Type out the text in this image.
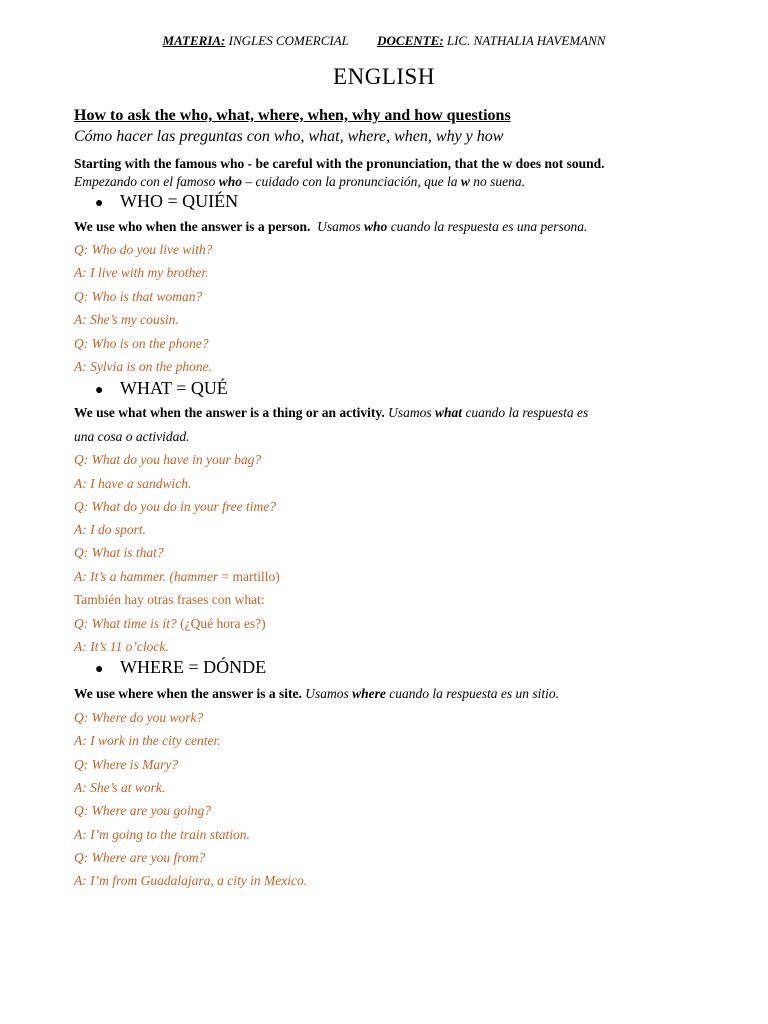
MATERIA: INGLES COMERCIAL DOCENTE: LIC. NATHALIA HAVEMANN
ENGLISH
How to ask the who, what, where, when, why and how questions
Cómo hacer las preguntas con who, what, where, when, why y how
Starting with the famous who - be careful with the pronunciation, that the w does not sound.
Empezando con el famoso who – cuidado con la pronunciación, que la w no suena.
● WHO = QUIÉN
We use who when the answer is a person. Usamos who cuando la respuesta es una persona.
Q: Who do you live with?
A: I live with my brother.
Q: Who is that woman?
A: She’s my cousin.
Q: Who is on the phone?
A: Sylvia is on the phone.
● WHAT = QUÉ
We use what when the answer is a thing or an activity. Usamos what cuando la respuesta es
una cosa o actividad.
Q: What do you have in your bag?
A: I have a sandwich.
Q: What do you do in your free time?
A: I do sport.
Q: What is that?
A: It’s a hammer. (hammer = martillo)
También hay otras frases con what:
Q: What time is it? (¿Qué hora es?)
A: It’s 11 o’clock.
● WHERE = DÓNDE
We use where when the answer is a site. Usamos where cuando la respuesta es un sitio.
Q: Where do you work?
A: I work in the city center.
Q: Where is Mary?
A: She’s at work.
Q: Where are you going?
A: I’m going to the train station.
Q: Where are you from?
A: I’m from Guadalajara, a city in Mexico.
